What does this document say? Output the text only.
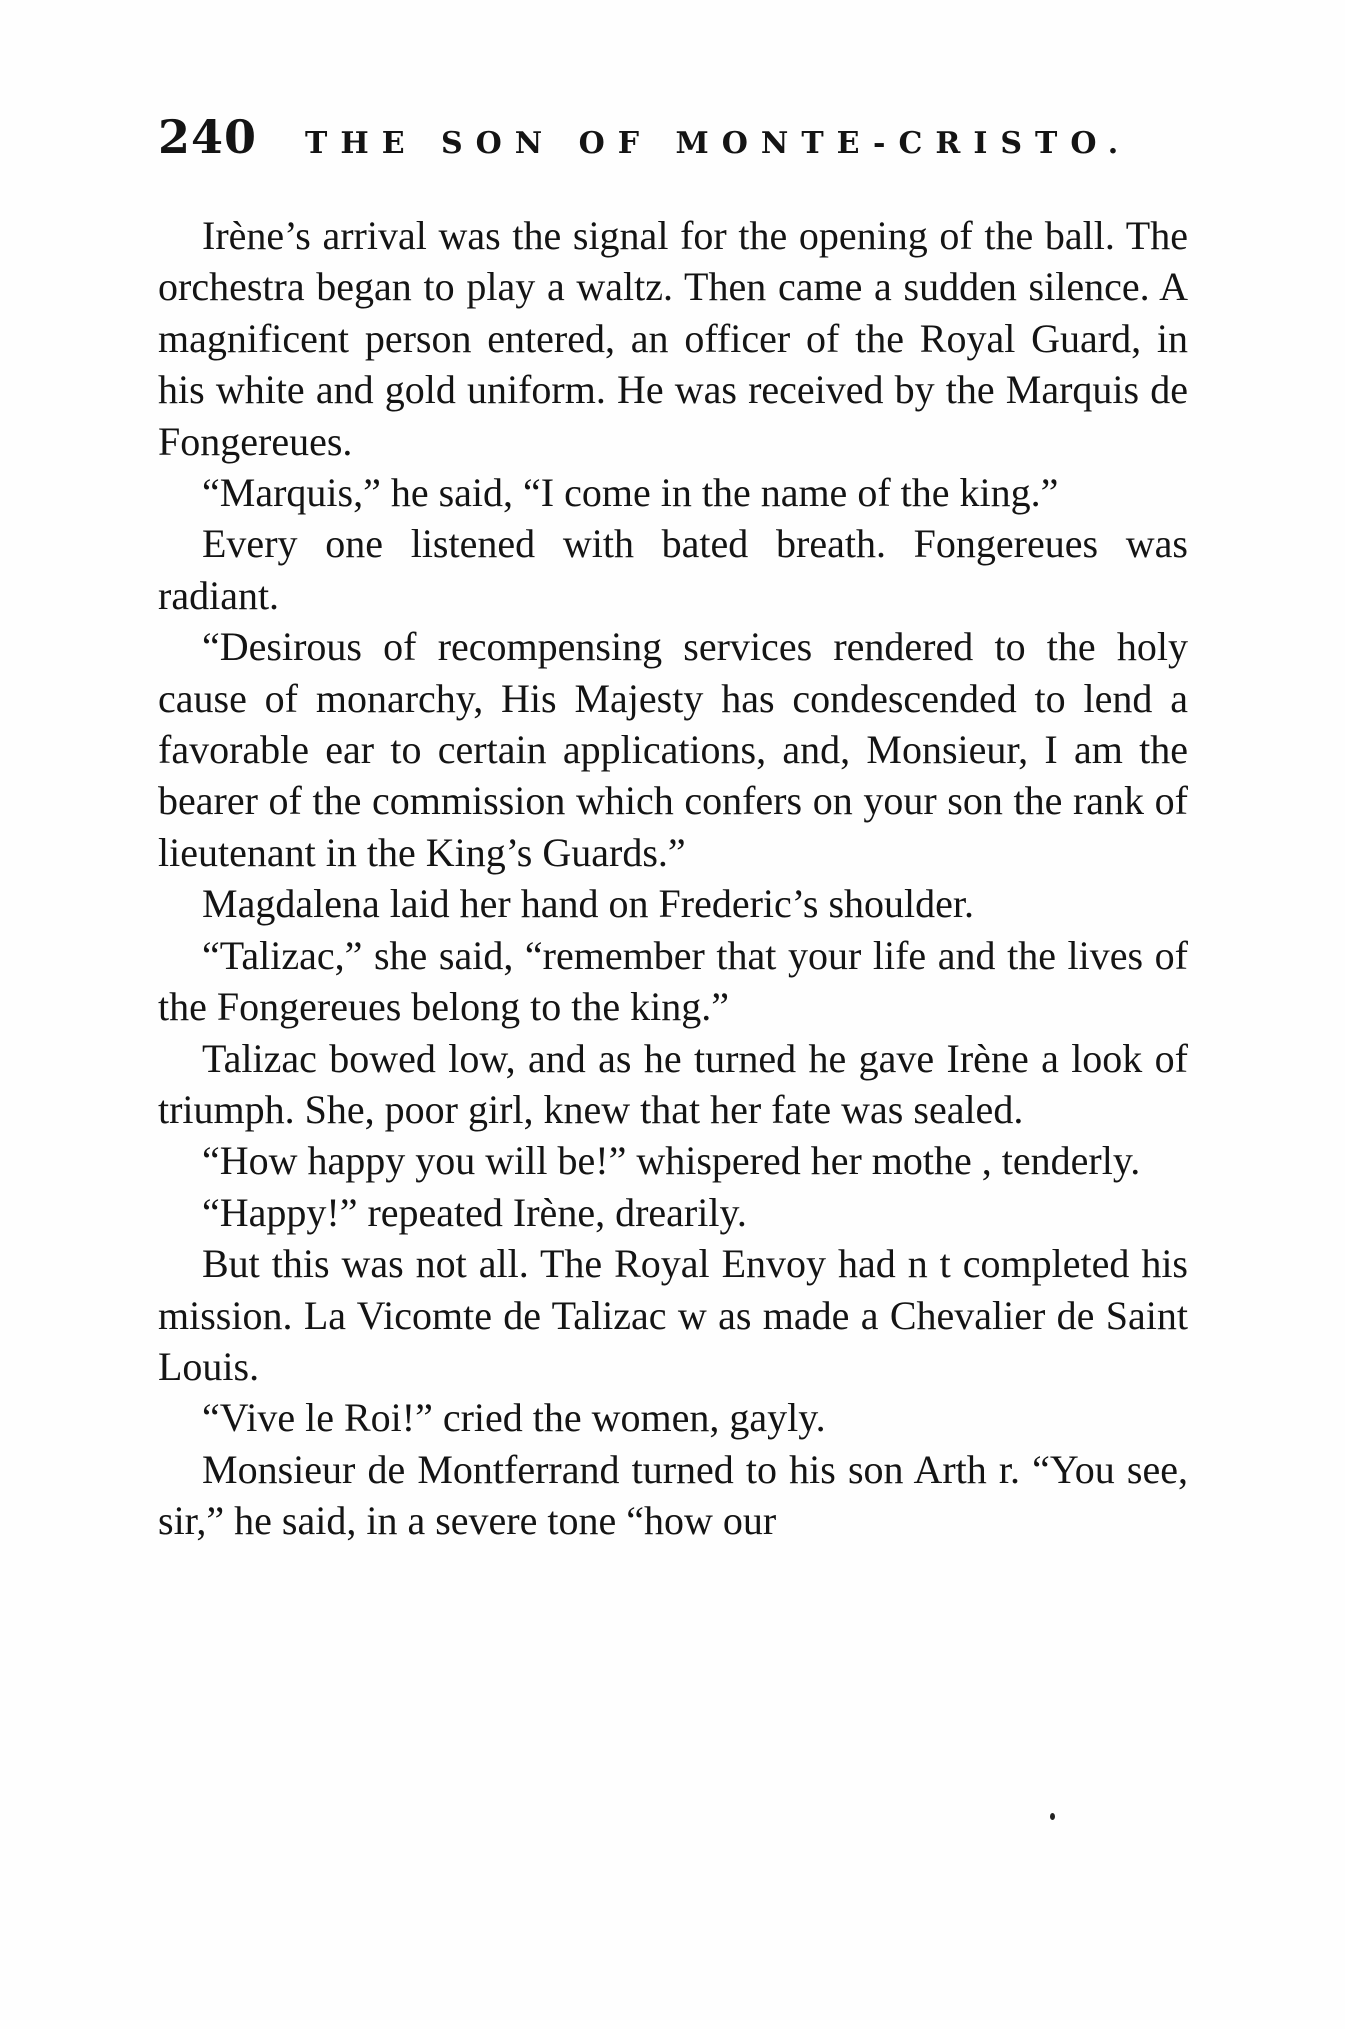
240 THE SON OF MONTE-CRISTO.

Irène’s arrival was the signal for the opening of the ball. The orchestra began to play a waltz. Then came a sudden silence. A magnificent person entered, an officer of the Royal Guard, in his white and gold uniform. He was received by the Marquis de Fongereues.

“Marquis,” he said, “I come in the name of the king.”

Every one listened with bated breath. Fongereues was radiant.

“Desirous of recompensing services rendered to the holy cause of monarchy, His Majesty has condescended to lend a favorable ear to certain applications, and, Monsieur, I am the bearer of the commission which confers on your son the rank of lieutenant in the King’s Guards.”

Magdalena laid her hand on Frederic’s shoulder.

“Talizac,” she said, “remember that your life and the lives of the Fongereues belong to the king.”

Talizac bowed low, and as he turned he gave Irène a look of triumph. She, poor girl, knew that her fate was sealed.

“How happy you will be!” whispered her mothe , tenderly.

“Happy!” repeated Irène, drearily.

But this was not all. The Royal Envoy had n t completed his mission. La Vicomte de Talizac w as made a Chevalier de Saint Louis.

“Vive le Roi!” cried the women, gayly.

Monsieur de Montferrand turned to his son Arth r. “You see, sir,” he said, in a severe tone “how our
